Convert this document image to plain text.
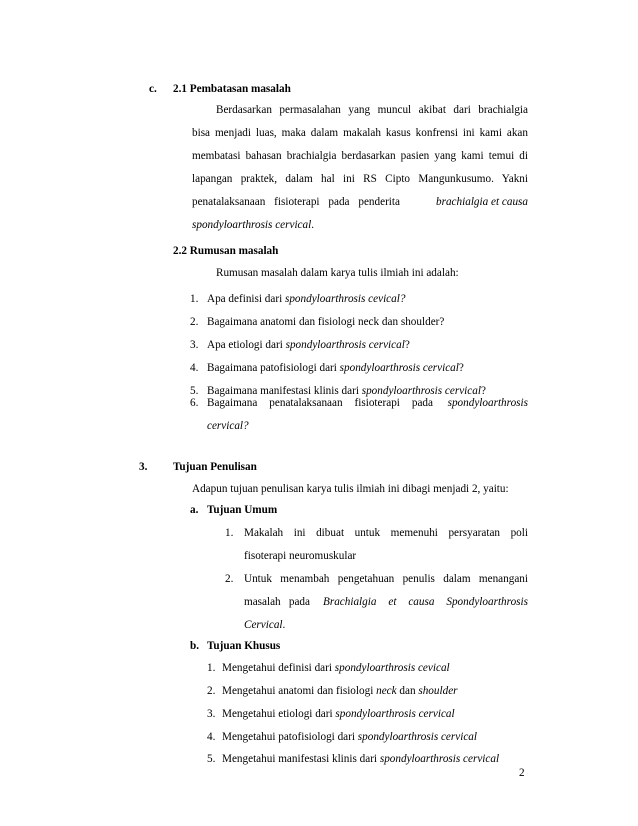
c. 2.1 Pembatasan masalah
Berdasarkan permasalahan yang muncul akibat dari brachialgia
bisa menjadi luas, maka dalam makalah kasus konfrensi ini kami akan
membatasi bahasan brachialgia berdasarkan pasien yang kami temui di
lapangan praktek, dalam hal ini RS Cipto Mangunkusumo. Yakni
penatalaksanaan fisioterapi pada penderita	brachialgia et causa
spondyloarthrosis cervical.
2.2 Rumusan masalah
Rumusan masalah dalam karya tulis ilmiah ini adalah:
1. Apa definisi dari spondyloarthrosis cevical?
2. Bagaimana anatomi dan fisiologi neck dan shoulder?
3. Apa etiologi dari spondyloarthrosis cervical?
4. Bagaimana patofisiologi dari spondyloarthrosis cervical?
5. Bagaimana manifestasi klinis dari spondyloarthrosis cervical?
6. Bagaimana penatalaksanaan fisioterapi pada spondyloarthrosis
cervical?
3. Tujuan Penulisan
Adapun tujuan penulisan karya tulis ilmiah ini dibagi menjadi 2, yaitu:
a. Tujuan Umum
1. Makalah ini dibuat untuk memenuhi persyaratan poli
fisoterapi neuromuskular
2. Untuk menambah pengetahuan penulis dalam menangani
masalah pada Brachialgia et causa Spondyloarthrosis
Cervical.
b. Tujuan Khusus
1. Mengetahui definisi dari spondyloarthrosis cevical
2. Mengetahui anatomi dan fisiologi neck dan shoulder
3. Mengetahui etiologi dari spondyloarthrosis cervical
4. Mengetahui patofisiologi dari spondyloarthrosis cervical
5. Mengetahui manifestasi klinis dari spondyloarthrosis cervical
2
